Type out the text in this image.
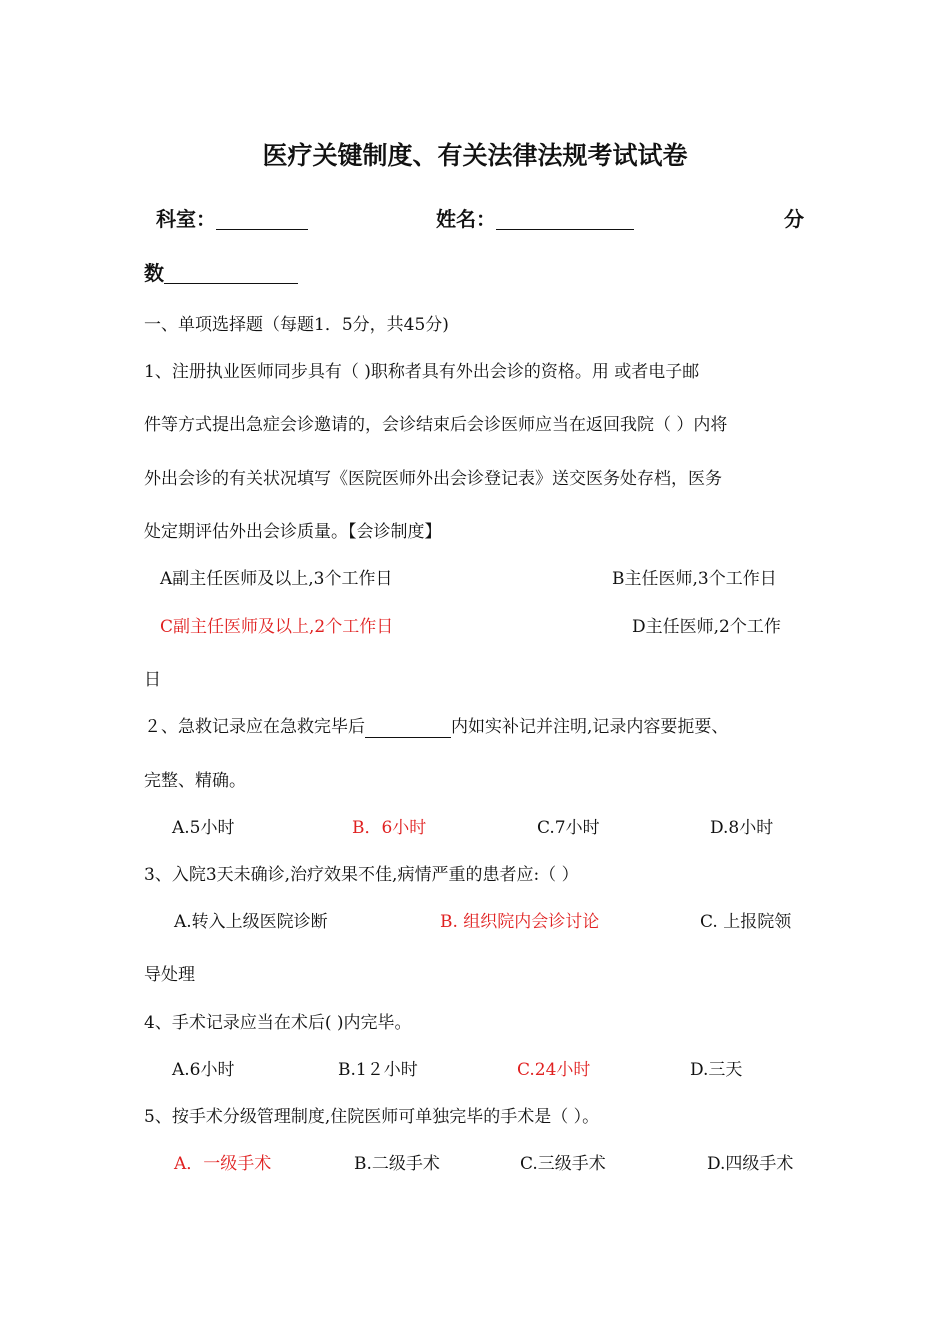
医疗关键制度、有关法律法规考试试卷
科室：	姓名：	分
数
一、单项选择题（每题1．5分，共45分)
1、注册执业医师同步具有（ )职称者具有外出会诊的资格。用 或者电子邮
件等方式提出急症会诊邀请的，会诊结束后会诊医师应当在返回我院（ ）内将
外出会诊的有关状况填写《医院医师外出会诊登记表》送交医务处存档，医务
处定期评估外出会诊质量。【会诊制度】
A副主任医师及以上,3个工作日	B主任医师,3个工作日
C副主任医师及以上,2个工作日	D主任医师,2个工作
日
２、急救记录应在急救完毕后	内如实补记并注明,记录内容要扼要、
完整、精确。
A.5小时	B．6小时	C.7小时	D.8小时
3、入院3天未确诊,治疗效果不佳,病情严重的患者应:（ ）
A.转入上级医院诊断	B. 组织院内会诊讨论	C. 上报院领
导处理
4、手术记录应当在术后( )内完毕。
A.6小时	B.1２小时	C.24小时	D.三天
5、按手术分级管理制度,住院医师可单独完毕的手术是（ ）。
A．一级手术	B.二级手术	C.三级手术	D.四级手术
